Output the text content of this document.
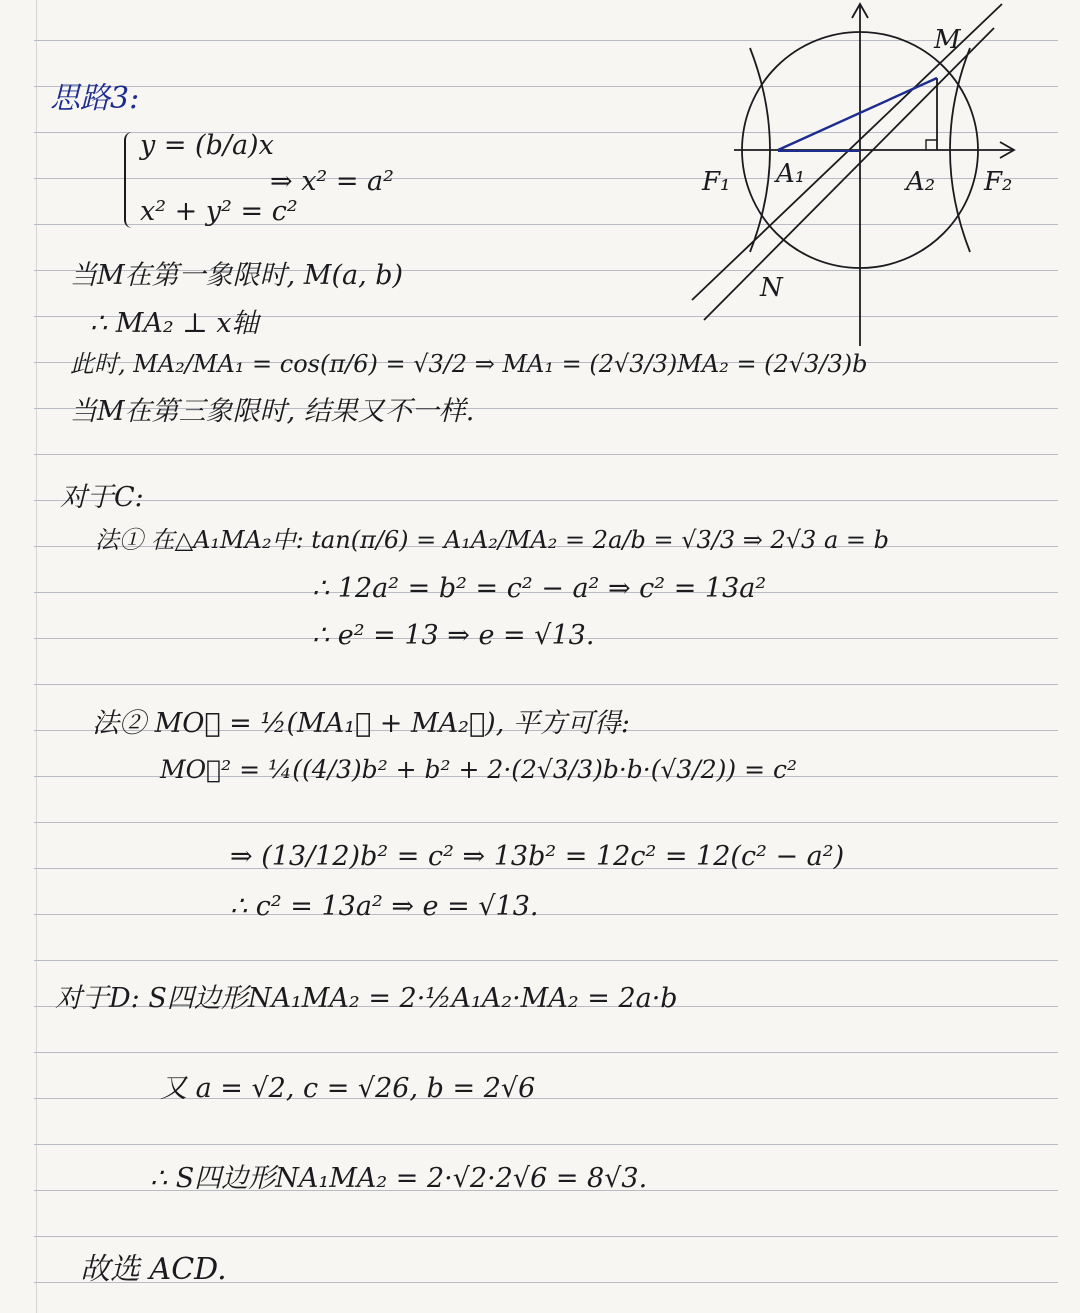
思路3:
y = (b/a)x
x² + y² = c²
⇒ x² = a²
当M在第一象限时, M(a, b)
∴ MA₂ ⊥ x轴
此时, MA₂/MA₁ = cos(π/6) = √3/2 ⇒ MA₁ = (2√3/3)MA₂ = (2√3/3)b
当M在第三象限时, 结果又不一样.
对于C:
法① 在△A₁MA₂中: tan(π/6) = A₁A₂/MA₂ = 2a/b = √3/3 ⇒ 2√3 a = b
∴ 12a² = b² = c² − a² ⇒ c² = 13a²
∴ e² = 13 ⇒ e = √13.
法② MO⃗ = ½(MA₁⃗ + MA₂⃗), 平方可得:
MO⃗² = ¼((4/3)b² + b² + 2·(2√3/3)b·b·(√3/2)) = c²
⇒ (13/12)b² = c² ⇒ 13b² = 12c² = 12(c² − a²)
∴ c² = 13a² ⇒ e = √13.
对于D: S四边形NA₁MA₂ = 2·½A₁A₂·MA₂ = 2a·b
又 a = √2, c = √26, b = 2√6
∴ S四边形NA₁MA₂ = 2·√2·2√6 = 8√3.
故选 ACD.
M
N
F₁ A₁	A₂ F₂
